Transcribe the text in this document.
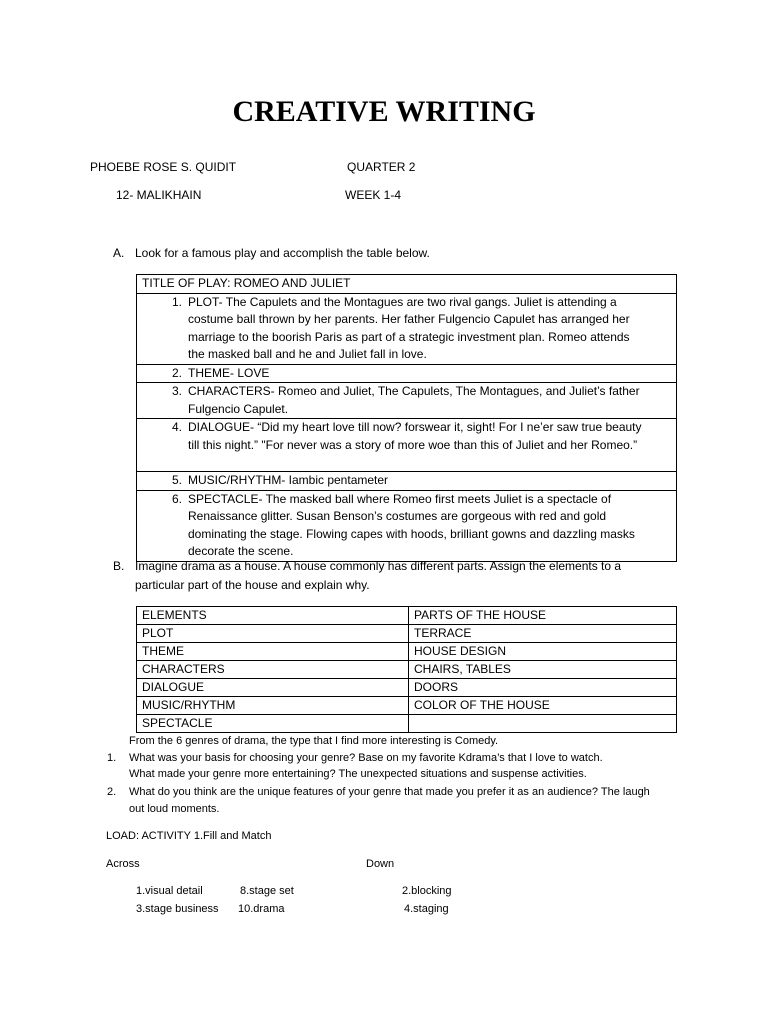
CREATIVE WRITING
PHOEBE ROSE S. QUIDIT	QUARTER 2
12- MALIKHAIN	WEEK 1-4
A. Look for a famous play and accomplish the table below.
TITLE OF PLAY: ROMEO AND JULIET

1. PLOT- The Capulets and the Montagues are two rival gangs. Juliet is attending a
costume ball thrown by her parents. Her father Fulgencio Capulet has arranged her
marriage to the boorish Paris as part of a strategic investment plan. Romeo attends
the masked ball and he and Juliet fall in love.

2. THEME- LOVE

3. CHARACTERS- Romeo and Juliet, The Capulets, The Montagues, and Juliet’s father
Fulgencio Capulet.

4. DIALOGUE- “Did my heart love till now? forswear it, sight! For I ne’er saw true beauty
till this night.” "For never was a story of more woe than this of Juliet and her Romeo.”

5. MUSIC/RHYTHM- Iambic pentameter

6. SPECTACLE- The masked ball where Romeo first meets Juliet is a spectacle of
Renaissance glitter. Susan Benson’s costumes are gorgeous with red and gold
dominating the stage. Flowing capes with hoods, brilliant gowns and dazzling masks
decorate the scene.
B. Imagine drama as a house. A house commonly has different parts. Assign the elements to a
particular part of the house and explain why.
ELEMENTS	PARTS OF THE HOUSE
PLOT	TERRACE
THEME	HOUSE DESIGN
CHARACTERS	CHAIRS, TABLES
DIALOGUE	DOORS
MUSIC/RHYTHM	COLOR OF THE HOUSE
SPECTACLE	
From the 6 genres of drama, the type that I find more interesting is Comedy.
1. What was your basis for choosing your genre? Base on my favorite Kdrama’s that I love to watch.
What made your genre more entertaining? The unexpected situations and suspense activities.
2. What do you think are the unique features of your genre that made you prefer it as an audience? The laugh
out loud moments.
LOAD: ACTIVITY 1.Fill and Match
Across	Down
1.visual detail	8.stage set	2.blocking
3.stage business 10.drama	4.staging
